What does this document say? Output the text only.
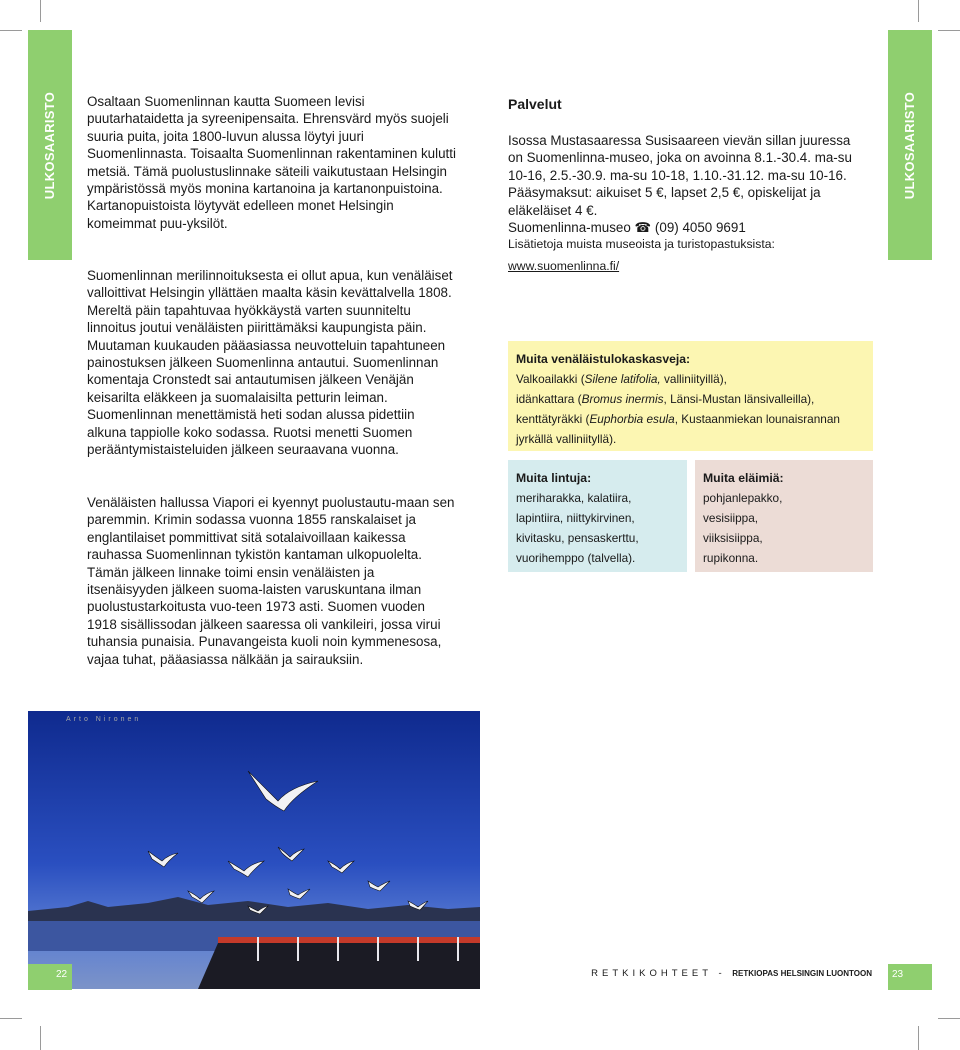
ULKOSAARISTO	ULKOSAARISTO

Osaltaan Suomenlinnan kautta Suomeen levisi puutarhataidetta ja syreenipensaita. Ehrensvärd myös suojeli suuria puita, joita 1800-luvun alussa löytyi juuri Suomenlinnasta. Toisaalta Suomenlinnan rakentaminen kulutti metsiä. Tämä puolustuslinnake säteili vaikutustaan Helsingin ympäristössä myös monina kartanoina ja kartanonpuistoina. Kartanopuistoista löytyvät edelleen monet Helsingin komeimmat puu-yksilöt.

Suomenlinnan merilinnoituksesta ei ollut apua, kun venäläiset valloittivat Helsingin yllättäen maalta käsin kevättalvella 1808. Mereltä päin tapahtuvaa hyökkäystä varten suunniteltu linnoitus joutui venäläisten piirittämäksi kaupungista päin. Muutaman kuukauden pääasiassa neuvotteluin tapahtuneen painostuksen jälkeen Suomenlinna antautui. Suomenlinnan komentaja Cronstedt sai antautumisen jälkeen Venäjän keisarilta eläkkeen ja suomalaisilta petturin leiman. Suomenlinnan menettämistä heti sodan alussa pidettiin alkuna tappiolle koko sodassa. Ruotsi menetti Suomen perääntymistaisteluiden jälkeen seuraavana vuonna.

Venäläisten hallussa Viapori ei kyennyt puolustautu-maan sen paremmin. Krimin sodassa vuonna 1855 ranskalaiset ja englantilaiset pommittivat sitä sotalaivoillaan kaikessa rauhassa Suomenlinnan tykistön kantaman ulkopuolelta. Tämän jälkeen linnake toimi ensin venäläisten ja itsenäisyyden jälkeen suoma-laisten varuskuntana ilman puolustustarkoitusta vuo-teen 1973 asti. Suomen vuoden 1918 sisällissodan jälkeen saaressa oli vankileiri, jossa virui tuhansia punaisia. Punavangeista kuoli noin kymmenesosa, vajaa tuhat, pääasiassa nälkään ja sairauksiin.

Palvelut

Isossa Mustasaaressa Susisaareen vievän sillan juuressa on Suomenlinna-museo, joka on avoinna 8.1.-30.4. ma-su 10-16, 2.5.-30.9. ma-su 10-18, 1.10.-31.12. ma-su 10-16. Pääsymaksut: aikuiset 5 €, lapset 2,5 €, opiskelijat ja eläkeläiset 4 €.

Suomenlinna-museo ☎ (09) 4050 9691

Lisätietoja muista museoista ja turistopastuksista:

www.suomenlinna.fi/

Muita venäläistulokaskasveja:
Valkoailakki (Silene latifolia, valliniityillä),
idänkattara (Bromus inermis, Länsi-Mustan länsivalleilla),
kenttätyräkki (Euphorbia esula, Kustaanmiekan lounaisrannan
jyrkällä valliniityllä).
Muita lintuja:
meriharakka, kalatiira,
lapintiira, niittykirvinen,
kivitasku, pensaskerttu,
vuorihemppo (talvella).
Muita eläimiä:
pohjanlepakko,
vesisiippa,
viiksisiippa,
rupikonna.
Arto Nironen
22	23
RETKIKOHTEET - RETKIOPAS HELSINGIN LUONTOON
